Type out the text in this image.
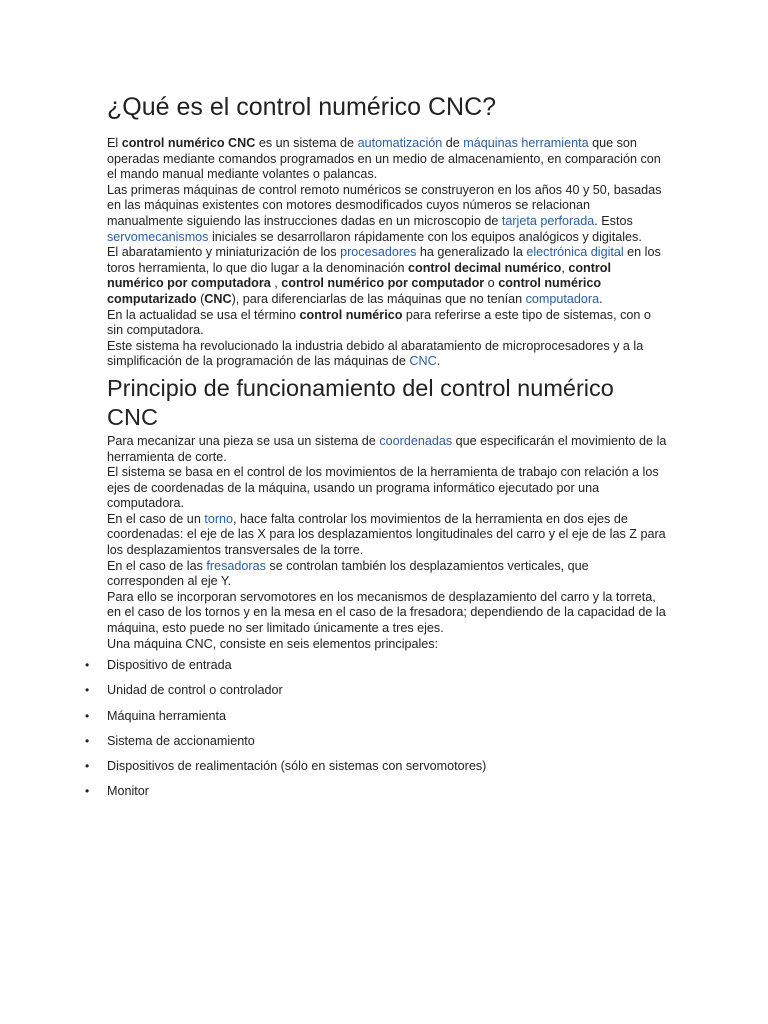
¿Qué es el control numérico CNC?

El control numérico CNC es un sistema de automatización de máquinas herramienta que son operadas mediante comandos programados en un medio de almacenamiento, en comparación con el mando manual mediante volantes o palancas.

Las primeras máquinas de control remoto numéricos se construyeron en los años 40 y 50, basadas en las máquinas existentes con motores desmodificados cuyos números se relacionan manualmente siguiendo las instrucciones dadas en un microscopio de tarjeta perforada. Estos servomecanismos iniciales se desarrollaron rápidamente con los equipos analógicos y digitales.

El abaratamiento y miniaturización de los procesadores ha generalizado la electrónica digital en los toros herramienta, lo que dio lugar a la denominación control decimal numérico, control numérico por computadora , control numérico por computador o control numérico computarizado (CNC), para diferenciarlas de las máquinas que no tenían computadora.

En la actualidad se usa el término control numérico para referirse a este tipo de sistemas, con o sin computadora.

Este sistema ha revolucionado la industria debido al abaratamiento de microprocesadores y a la simplificación de la programación de las máquinas de CNC.

Principio de funcionamiento del control numérico CNC

Para mecanizar una pieza se usa un sistema de coordenadas que especificarán el movimiento de la herramienta de corte.

El sistema se basa en el control de los movimientos de la herramienta de trabajo con relación a los ejes de coordenadas de la máquina, usando un programa informático ejecutado por una computadora.

En el caso de un torno, hace falta controlar los movimientos de la herramienta en dos ejes de coordenadas: el eje de las X para los desplazamientos longitudinales del carro y el eje de las Z para los desplazamientos transversales de la torre.

En el caso de las fresadoras se controlan también los desplazamientos verticales, que corresponden al eje Y.

Para ello se incorporan servomotores en los mecanismos de desplazamiento del carro y la torreta, en el caso de los tornos y en la mesa en el caso de la fresadora; dependiendo de la capacidad de la máquina, esto puede no ser limitado únicamente a tres ejes.

Una máquina CNC, consiste en seis elementos principales:

• Dispositivo de entrada
• Unidad de control o controlador
• Máquina herramienta
• Sistema de accionamiento
• Dispositivos de realimentación (sólo en sistemas con servomotores)
• Monitor
